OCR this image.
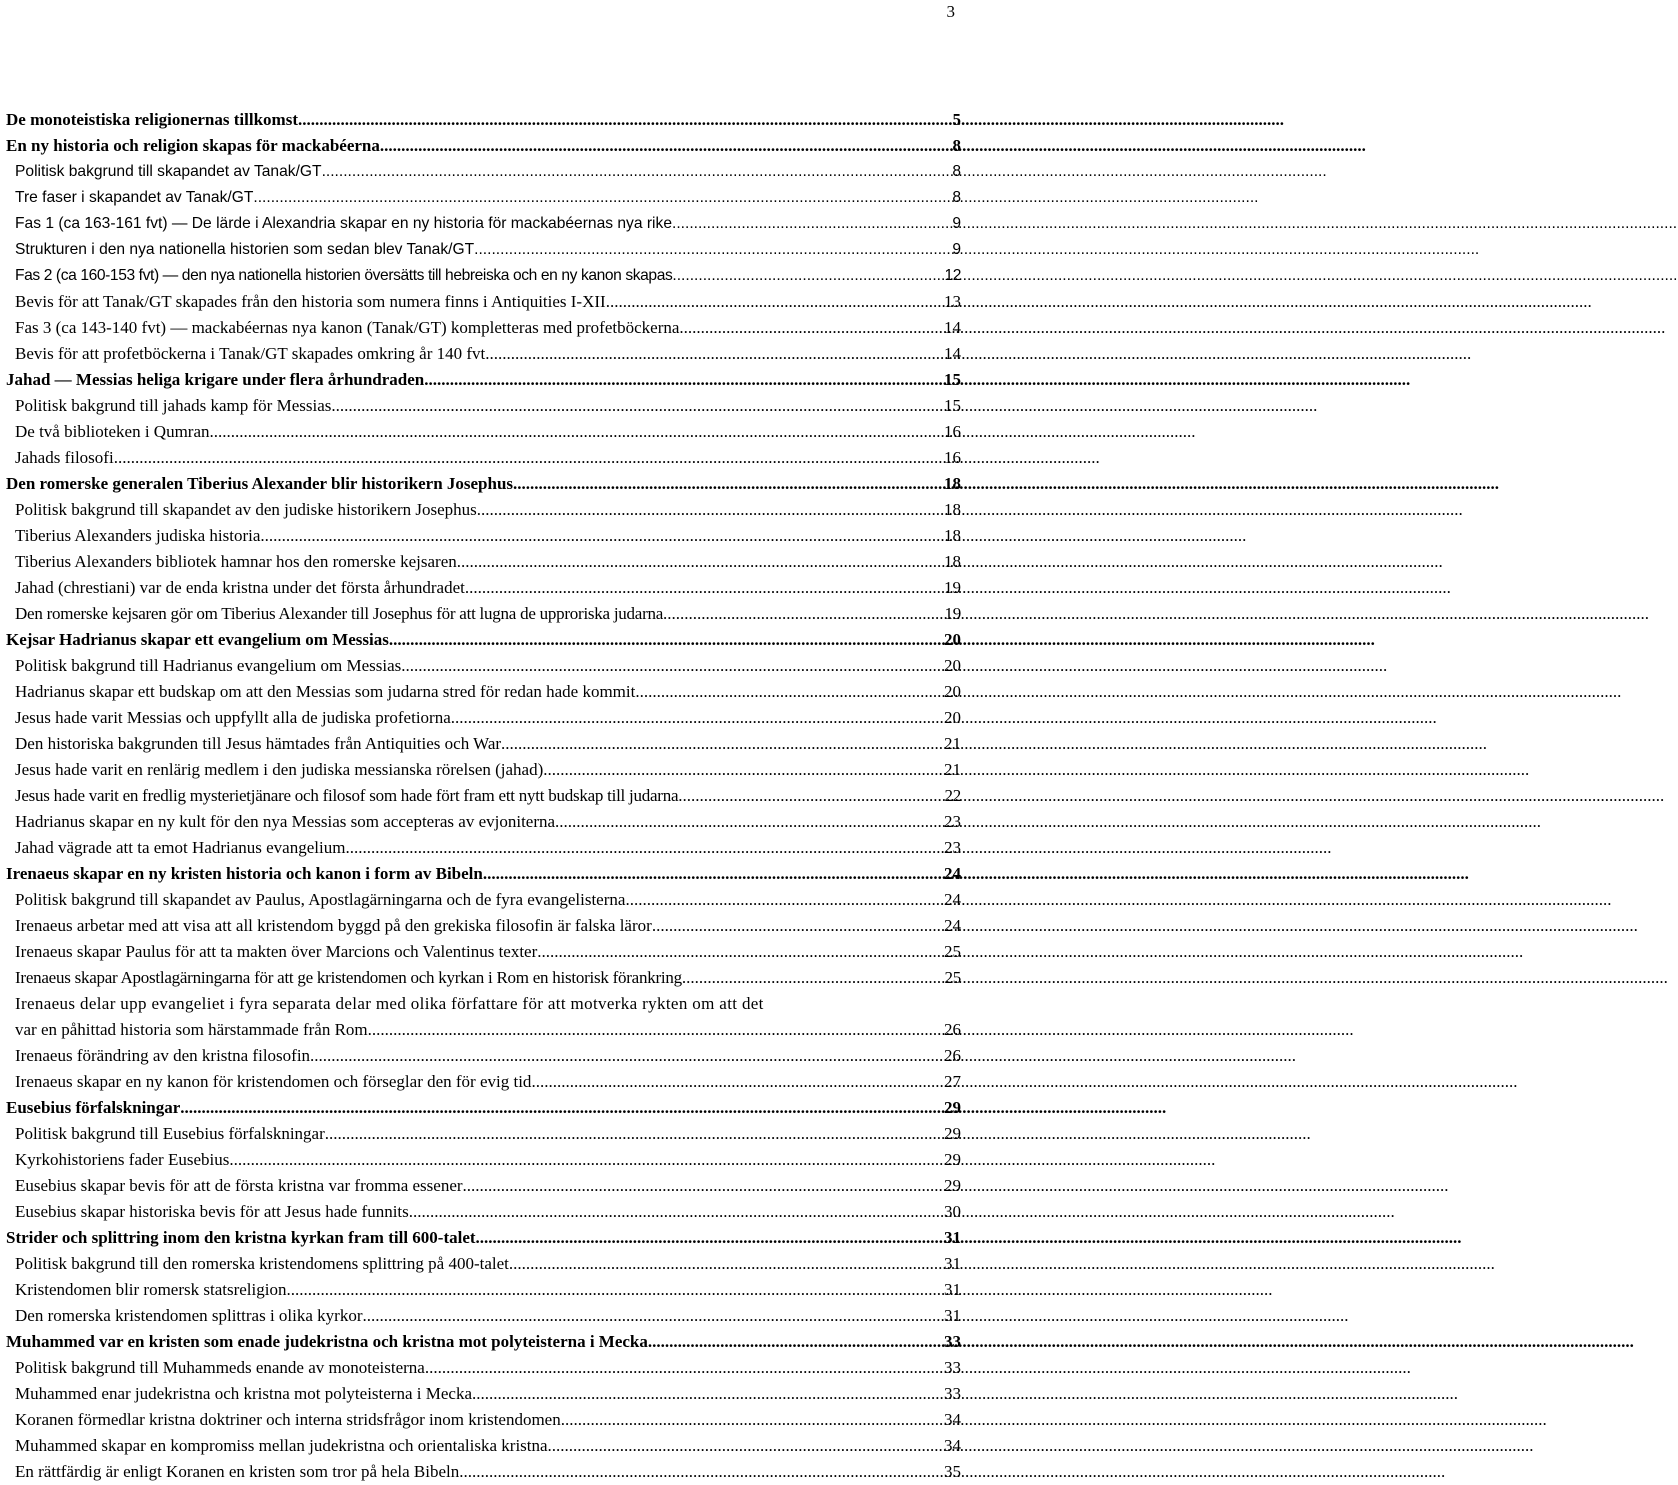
3
De monoteistiska religionernas tillkomst .....	5
En ny historia och religion skapas för mackabéerna .....	8
Politisk bakgrund till skapandet av Tanak/GT .....	8
Tre faser i skapandet av Tanak/GT .....	8
Fas 1 (ca 163-161 fvt) — De lärde i Alexandria skapar en ny historia för mackabéernas nya rike .....	9
Strukturen i den nya nationella historien som sedan blev Tanak/GT .....	9
Fas 2 (ca 160-153 fvt) — den nya nationella historien översätts till hebreiska och en ny kanon skapas .....	12
Bevis för att Tanak/GT skapades från den historia som numera finns i Antiquities I-XII .....	13
Fas 3 (ca 143-140 fvt) — mackabéernas nya kanon (Tanak/GT) kompletteras med profetböckerna .....	14
Bevis för att profetböckerna i Tanak/GT skapades omkring år 140 fvt .....	14
Jahad — Messias heliga krigare under flera århundraden .....	15
Politisk bakgrund till jahads kamp för Messias .....	15
De två biblioteken i Qumran .....	16
Jahads filosofi .....	16
Den romerske generalen Tiberius Alexander blir historikern Josephus .....	18
Politisk bakgrund till skapandet av den judiske historikern Josephus .....	18
Tiberius Alexanders judiska historia .....	18
Tiberius Alexanders bibliotek hamnar hos den romerske kejsaren .....	18
Jahad (chrestiani) var de enda kristna under det första århundradet .....	19
Den romerske kejsaren gör om Tiberius Alexander till Josephus för att lugna de upproriska judarna .....	19
Kejsar Hadrianus skapar ett evangelium om Messias .....	20
Politisk bakgrund till Hadrianus evangelium om Messias .....	20
Hadrianus skapar ett budskap om att den Messias som judarna stred för redan hade kommit .....	20
Jesus hade varit Messias och uppfyllt alla de judiska profetiorna .....	20
Den historiska bakgrunden till Jesus hämtades från Antiquities och War .....	21
Jesus hade varit en renlärig medlem i den judiska messianska rörelsen (jahad) .....	21
Jesus hade varit en fredlig mysterietjänare och filosof som hade fört fram ett nytt budskap till judarna .....	22
Hadrianus skapar en ny kult för den nya Messias som accepteras av evjoniterna .....	23
Jahad vägrade att ta emot Hadrianus evangelium .....	23
Irenaeus skapar en ny kristen historia och kanon i form av Bibeln .....	24
Politisk bakgrund till skapandet av Paulus, Apostlagärningarna och de fyra evangelisterna .....	24
Irenaeus arbetar med att visa att all kristendom byggd på den grekiska filosofin är falska läror .....	24
Irenaeus skapar Paulus för att ta makten över Marcions och Valentinus texter .....	25
Irenaeus skapar Apostlagärningarna för att ge kristendomen och kyrkan i Rom en historisk förankring .....	25
Irenaeus delar upp evangeliet i fyra separata delar med olika författare för att motverka rykten om att det
var en påhittad historia som härstammade från Rom .....	26
Irenaeus förändring av den kristna filosofin .....	26
Irenaeus skapar en ny kanon för kristendomen och förseglar den för evig tid .....	27
Eusebius förfalskningar .....	29
Politisk bakgrund till Eusebius förfalskningar .....	29
Kyrkohistoriens fader Eusebius .....	29
Eusebius skapar bevis för att de första kristna var fromma essener .....	29
Eusebius skapar historiska bevis för att Jesus hade funnits .....	30
Strider och splittring inom den kristna kyrkan fram till 600-talet .....	31
Politisk bakgrund till den romerska kristendomens splittring på 400-talet .....	31
Kristendomen blir romersk statsreligion .....	31
Den romerska kristendomen splittras i olika kyrkor .....	31
Muhammed var en kristen som enade judekristna och kristna mot polyteisterna i Mecka .....	33
Politisk bakgrund till Muhammeds enande av monoteisterna .....	33
Muhammed enar judekristna och kristna mot polyteisterna i Mecka .....	33
Koranen förmedlar kristna doktriner och interna stridsfrågor inom kristendomen .....	34
Muhammed skapar en kompromiss mellan judekristna och orientaliska kristna .....	34
En rättfärdig är enligt Koranen en kristen som tror på hela Bibeln .....	35
